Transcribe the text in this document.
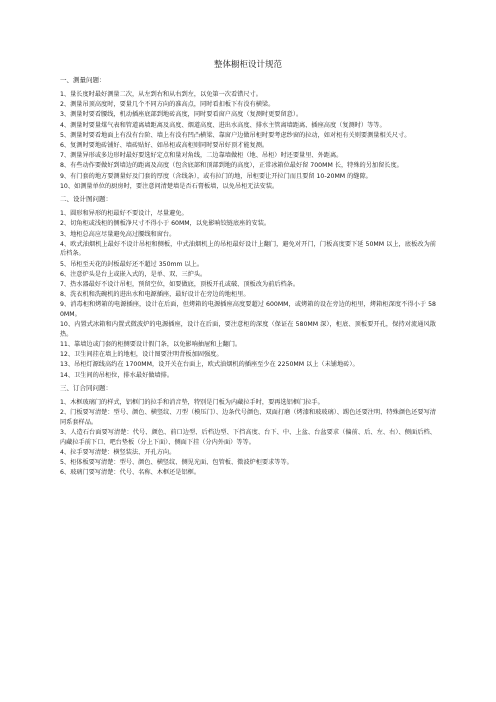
整体橱柜设计规范
一、测量问题：
1、量长度时最好测量二次，从左到右和从右到左，以免第一次看错尺寸。
2、测量吊顶高度时，要量几个不同方向的准高点，同时看扣板下有没有横梁。
3、测量时要看腰线，机动插座底部到地砖高度，同时要看窗户高度（复测时更要留意）。
4、测量时要量煤气表和管道离墙距离及高度、烟道高度、进出水高度、排水主管离墙距离、插座高度（复测时）等等。
5、测量时要看地面上有没有台阶、墙上有没有凹凸横梁、靠窗户边做吊柜时要考虑纱窗的拉动，如对柜有关则要测量相关尺寸。
6、复测时要地砖铺好、墙砖贴好、如吊柜或高柜则同时要吊好顶才能复测。
7、测量异形或多边形时最好要选好定点和量对角线，二边靠墙做柜（地、吊柜）时还要量里、外距离。
8、有些动作要做好到墙边的距离及高度（包含底部和顶部到地的高度），正常冰箱位最好留 700MM 长，特殊的另加留长度。
9、有门套的地方要测量好及门套的厚度（含线条），或有拉门的地，吊柜要让开拉门而且要留 10-20MM 的缝隙。
10、如测量单位的厨房时，要注意问清楚墙是否石膏板墙，以免吊柜无法安装。
二、设计图问题：
1、圆形和异形的柜最好不要设计，尽量避免。
2、切角柜或浅柜的侧板净尺寸不得小于 60MM，以免影响铰链底座的安装。
3、地柜总高应尽量避免高过腰线和窗台。
4、欧式油烟机上最好不设计吊柜和侧板，中式油烟机上的吊柜最好设计上翻门，避免对开门，门板高度要下延 50MM 以上，底板改为前后档条。
5、吊柜至天花的封板最好还不超过 350mm 以上。
6、注意炉头是台上或嵌入式的，是单、双、三炉头。
7、热水器最好不设计吊柜，预留空位，如要做底，顶板开孔或破、顶板改为前后档条。
8、洗衣机和洗碗机的进出水和电源插座，最好设计在旁边的地柜里。
9、消毒柜和烤箱的电源插座，设计在后面，但烤箱的电源插座高度要超过 600MM，或烤箱的设在旁边的柜里，烤箱柜深度不得小于 580MM。
10、内置式冰箱和内置式微波炉的电源插座，设计在后面，要注意柜的深度（保证在 580MM 深），柜底、顶板要开孔，保持对流通风散热。
11、靠墙边或门套的柜侧要设计假门条，以免影响抽屉和上翻门。
12、卫生间挂在墙上的地柜，设计图要注明背板加固强度。
13、吊柜灯源线高约在 1700MM，设开关在台面上，欧式油烟机的插座至少在 2250MM 以上（未铺地砖）。
14、卫生间的吊柜位，排水最好做墙排。
三、订合同问题：
1、木框玻璃门的样式，铝框门的拉手和消音垫，特别是门板为内藏拉手时，要再选铝框门拉手。
2、门板要写清楚：型号、颜色、横竖纹、刀型（模压门）、边条代号颜色、双面打磨（烤漆和玻玻璃）、踢色还要注明、特殊颜色还要写清同系套样品。
3、人造石台面要写清楚：代号、颜色、前口边型、后档边型、下挡高度、台下、中、上盆、台盆要求（偏前、后、左、右）、侧面后档、内藏拉手前下口、吧台垫板（分上下面）、侧面下挂（分内外面）等等。
4、拉手要写清楚：横竖装法、开孔方向。
5、柜体板要写清楚：型号、颜色、横竖纹、侧见光面、包管板、微波炉柜要求等等。
6、玻璃门要写清楚：代号、名称、木框还是铝框。
